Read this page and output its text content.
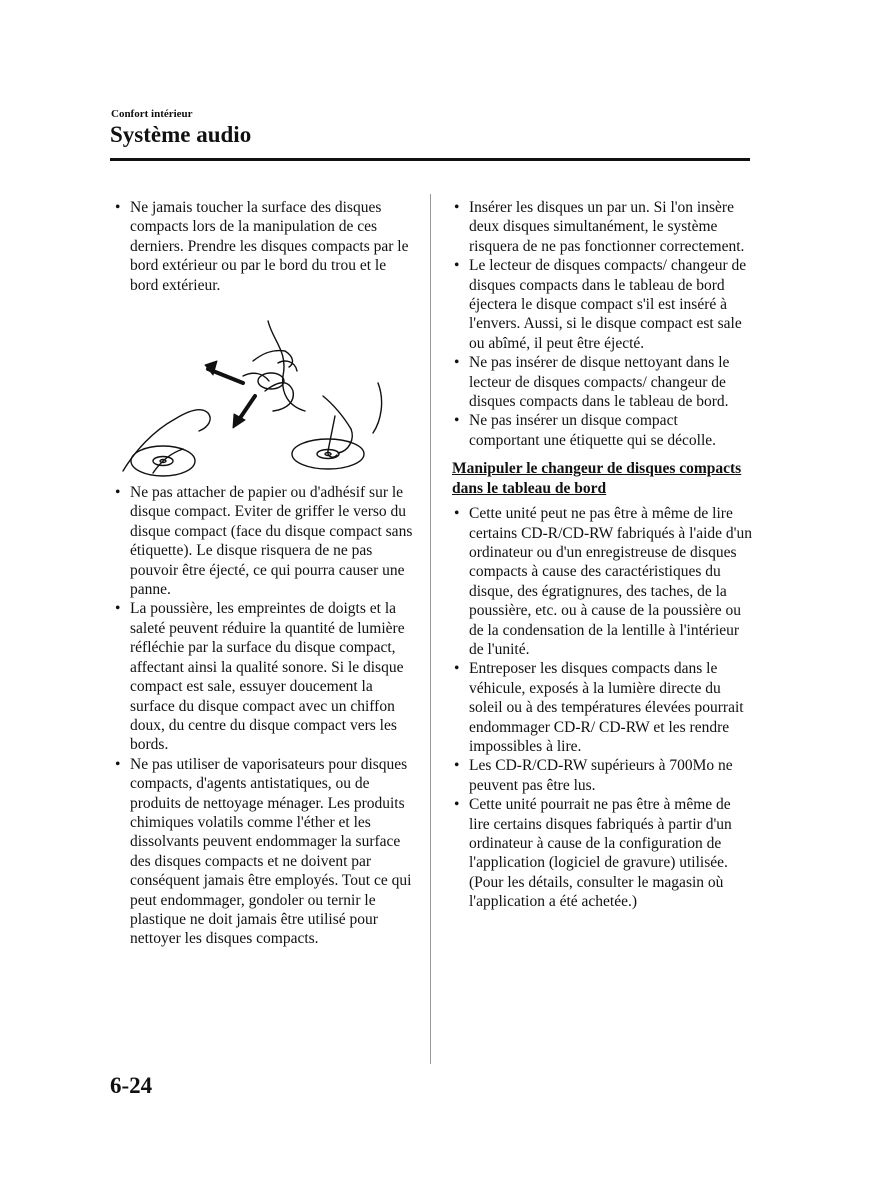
Confort intérieur
Système audio
• Ne jamais toucher la surface des disques compacts lors de la manipulation de ces derniers. Prendre les disques compacts par le bord extérieur ou par le bord du trou et le bord extérieur.
• Ne pas attacher de papier ou d'adhésif sur le disque compact. Eviter de griffer le verso du disque compact (face du disque compact sans étiquette). Le disque risquera de ne pas pouvoir être éjecté, ce qui pourra causer une panne.
• La poussière, les empreintes de doigts et la saleté peuvent réduire la quantité de lumière réfléchie par la surface du disque compact, affectant ainsi la qualité sonore. Si le disque compact est sale, essuyer doucement la surface du disque compact avec un chiffon doux, du centre du disque compact vers les bords.
• Ne pas utiliser de vaporisateurs pour disques compacts, d'agents antistatiques, ou de produits de nettoyage ménager. Les produits chimiques volatils comme l'éther et les dissolvants peuvent endommager la surface des disques compacts et ne doivent par conséquent jamais être employés. Tout ce qui peut endommager, gondoler ou ternir le plastique ne doit jamais être utilisé pour nettoyer les disques compacts.
• Insérer les disques un par un. Si l'on insère deux disques simultanément, le système risquera de ne pas fonctionner correctement.
• Le lecteur de disques compacts/ changeur de disques compacts dans le tableau de bord éjectera le disque compact s'il est inséré à l'envers. Aussi, si le disque compact est sale ou abîmé, il peut être éjecté.
• Ne pas insérer de disque nettoyant dans le lecteur de disques compacts/ changeur de disques compacts dans le tableau de bord.
• Ne pas insérer un disque compact comportant une étiquette qui se décolle.
Manipuler le changeur de disques compacts dans le tableau de bord
• Cette unité peut ne pas être à même de lire certains CD-R/CD-RW fabriqués à l'aide d'un ordinateur ou d'un enregistreuse de disques compacts à cause des caractéristiques du disque, des égratignures, des taches, de la poussière, etc. ou à cause de la poussière ou de la condensation de la lentille à l'intérieur de l'unité.
• Entreposer les disques compacts dans le véhicule, exposés à la lumière directe du soleil ou à des températures élevées pourrait endommager CD-R/ CD-RW et les rendre impossibles à lire.
• Les CD-R/CD-RW supérieurs à 700Mo ne peuvent pas être lus.
• Cette unité pourrait ne pas être à même de lire certains disques fabriqués à partir d'un ordinateur à cause de la configuration de l'application (logiciel de gravure) utilisée. (Pour les détails, consulter le magasin où l'application a été achetée.)
6-24
